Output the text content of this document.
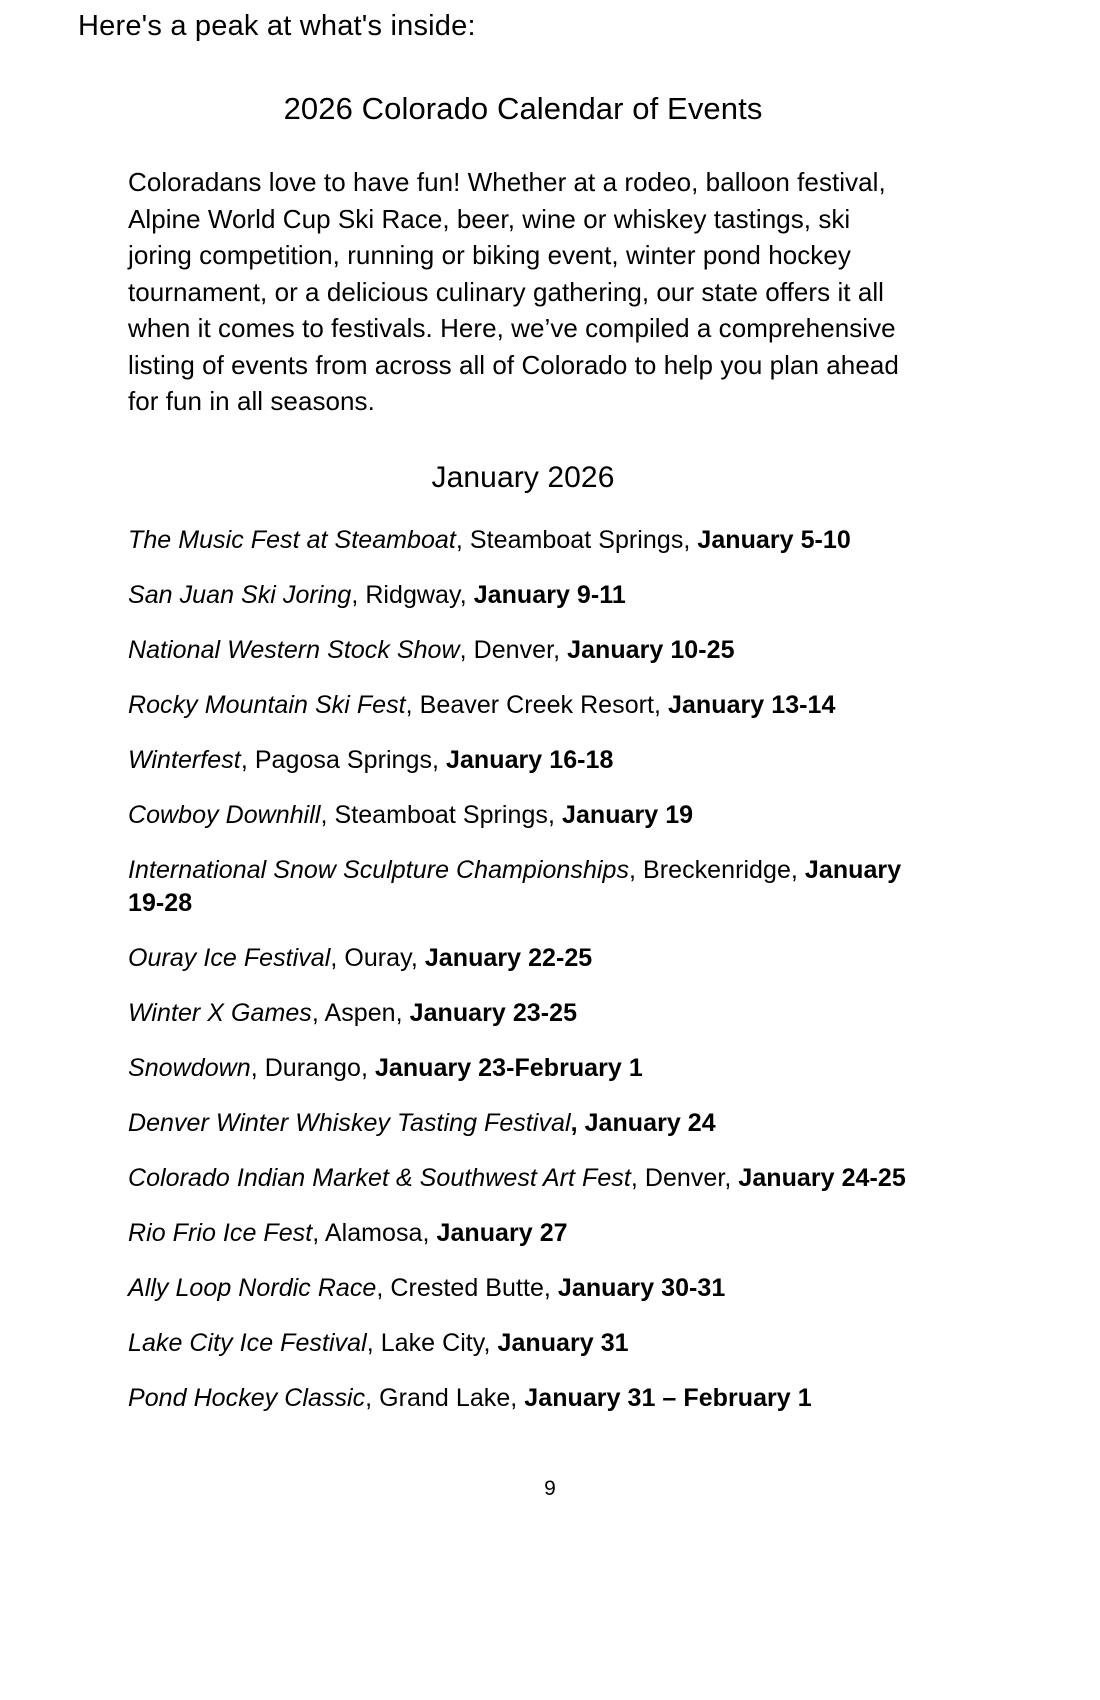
Here's a peak at what's inside:
2026 Colorado Calendar of Events

Coloradans love to have fun! Whether at a rodeo, balloon festival, Alpine World Cup Ski Race, beer, wine or whiskey tastings, ski joring competition, running or biking event, winter pond hockey tournament, or a delicious culinary gathering, our state offers it all when it comes to festivals. Here, we’ve compiled a comprehensive listing of events from across all of Colorado to help you plan ahead for fun in all seasons.

January 2026
The Music Fest at Steamboat, Steamboat Springs, January 5-10
San Juan Ski Joring, Ridgway, January 9-11
National Western Stock Show, Denver, January 10-25
Rocky Mountain Ski Fest, Beaver Creek Resort, January 13-14
Winterfest, Pagosa Springs, January 16-18
Cowboy Downhill, Steamboat Springs, January 19
International Snow Sculpture Championships, Breckenridge, January 19-28
Ouray Ice Festival, Ouray, January 22-25
Winter X Games, Aspen, January 23-25
Snowdown, Durango, January 23-February 1
Denver Winter Whiskey Tasting Festival, January 24
Colorado Indian Market & Southwest Art Fest, Denver, January 24-25
Rio Frio Ice Fest, Alamosa, January 27
Ally Loop Nordic Race, Crested Butte, January 30-31
Lake City Ice Festival, Lake City, January 31
Pond Hockey Classic, Grand Lake, January 31 – February 1
9
